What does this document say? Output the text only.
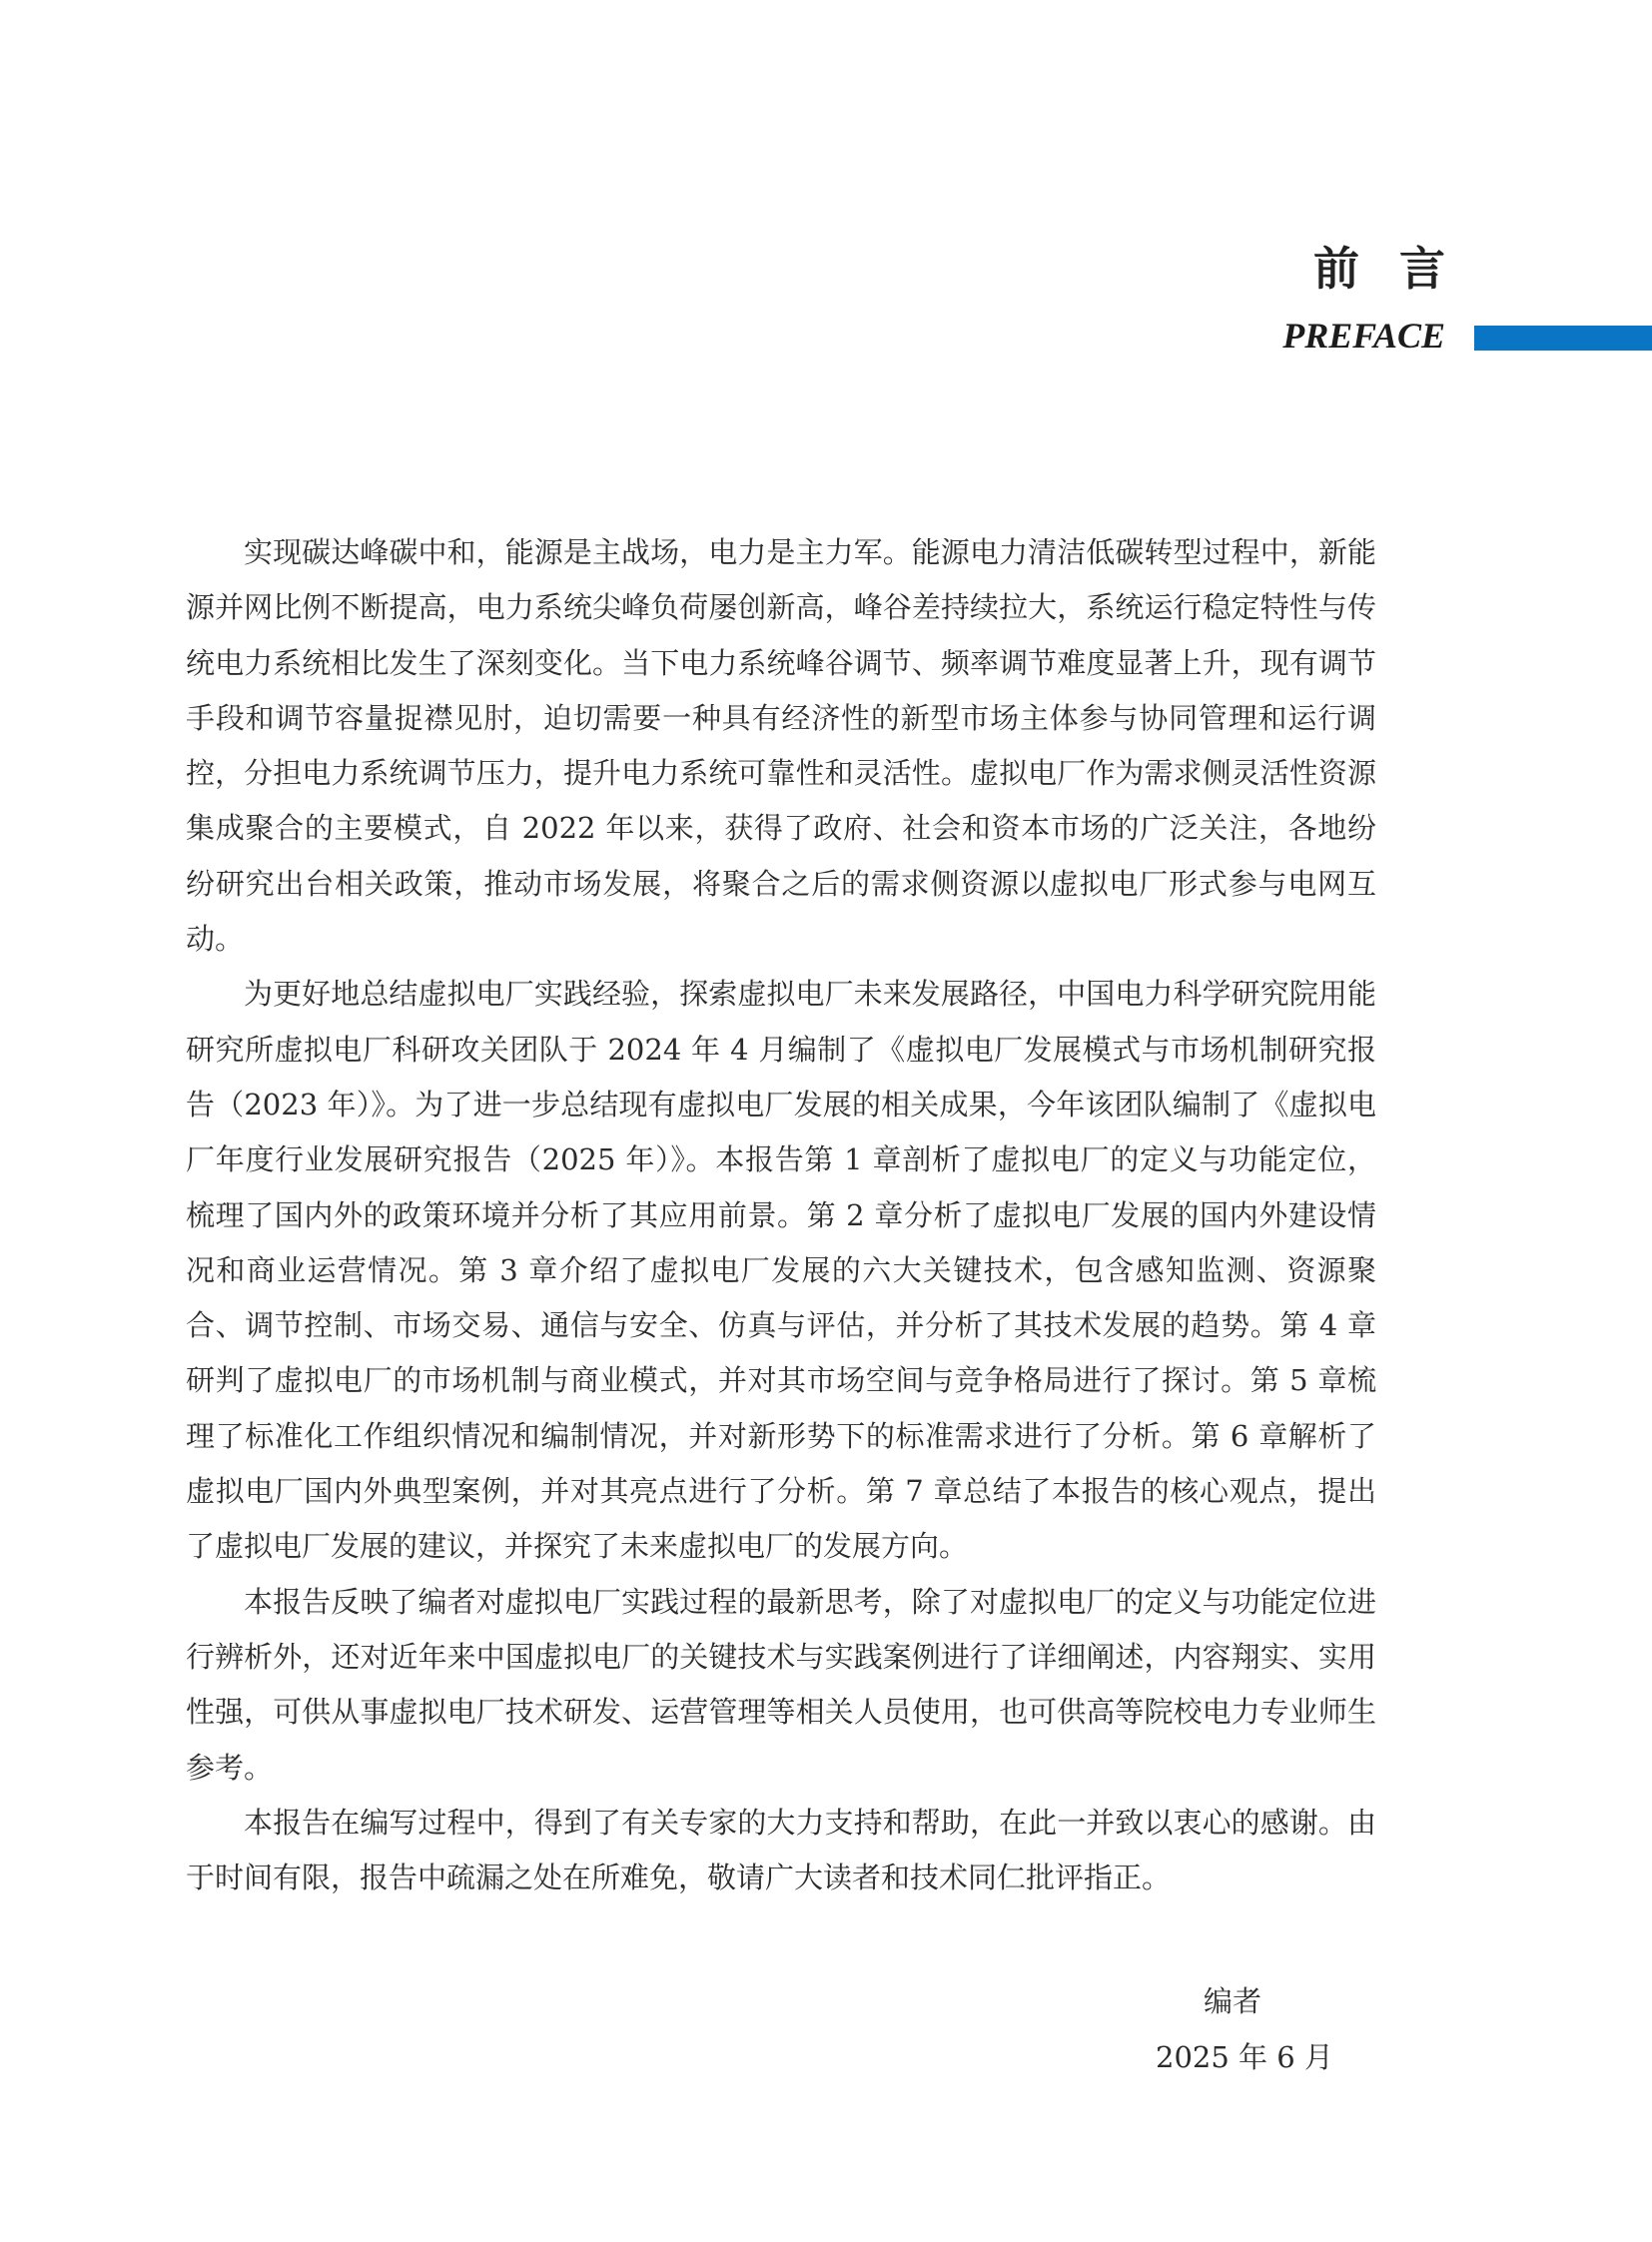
前言
PREFACE

实现碳达峰碳中和，能源是主战场，电力是主力军。能源电力清洁低碳转型过程中，新能源并网比例不断提高，电力系统尖峰负荷屡创新高，峰谷差持续拉大，系统运行稳定特性与传统电力系统相比发生了深刻变化。当下电力系统峰谷调节、频率调节难度显著上升，现有调节手段和调节容量捉襟见肘，迫切需要一种具有经济性的新型市场主体参与协同管理和运行调控，分担电力系统调节压力，提升电力系统可靠性和灵活性。虚拟电厂作为需求侧灵活性资源集成聚合的主要模式，自 2022 年以来，获得了政府、社会和资本市场的广泛关注，各地纷纷研究出台相关政策，推动市场发展，将聚合之后的需求侧资源以虚拟电厂形式参与电网互动。

为更好地总结虚拟电厂实践经验，探索虚拟电厂未来发展路径，中国电力科学研究院用能研究所虚拟电厂科研攻关团队于 2024 年 4 月编制了《虚拟电厂发展模式与市场机制研究报告（2023 年）》。为了进一步总结现有虚拟电厂发展的相关成果，今年该团队编制了《虚拟电厂年度行业发展研究报告（2025 年）》。本报告第 1 章剖析了虚拟电厂的定义与功能定位，梳理了国内外的政策环境并分析了其应用前景。第 2 章分析了虚拟电厂发展的国内外建设情况和商业运营情况。第 3 章介绍了虚拟电厂发展的六大关键技术，包含感知监测、资源聚合、调节控制、市场交易、通信与安全、仿真与评估，并分析了其技术发展的趋势。第 4 章研判了虚拟电厂的市场机制与商业模式，并对其市场空间与竞争格局进行了探讨。第 5 章梳理了标准化工作组织情况和编制情况，并对新形势下的标准需求进行了分析。第 6 章解析了虚拟电厂国内外典型案例，并对其亮点进行了分析。第 7 章总结了本报告的核心观点，提出了虚拟电厂发展的建议，并探究了未来虚拟电厂的发展方向。

本报告反映了编者对虚拟电厂实践过程的最新思考，除了对虚拟电厂的定义与功能定位进行辨析外，还对近年来中国虚拟电厂的关键技术与实践案例进行了详细阐述，内容翔实、实用性强，可供从事虚拟电厂技术研发、运营管理等相关人员使用，也可供高等院校电力专业师生参考。

本报告在编写过程中，得到了有关专家的大力支持和帮助，在此一并致以衷心的感谢。由于时间有限，报告中疏漏之处在所难免，敬请广大读者和技术同仁批评指正。

编者
2025 年 6 月
